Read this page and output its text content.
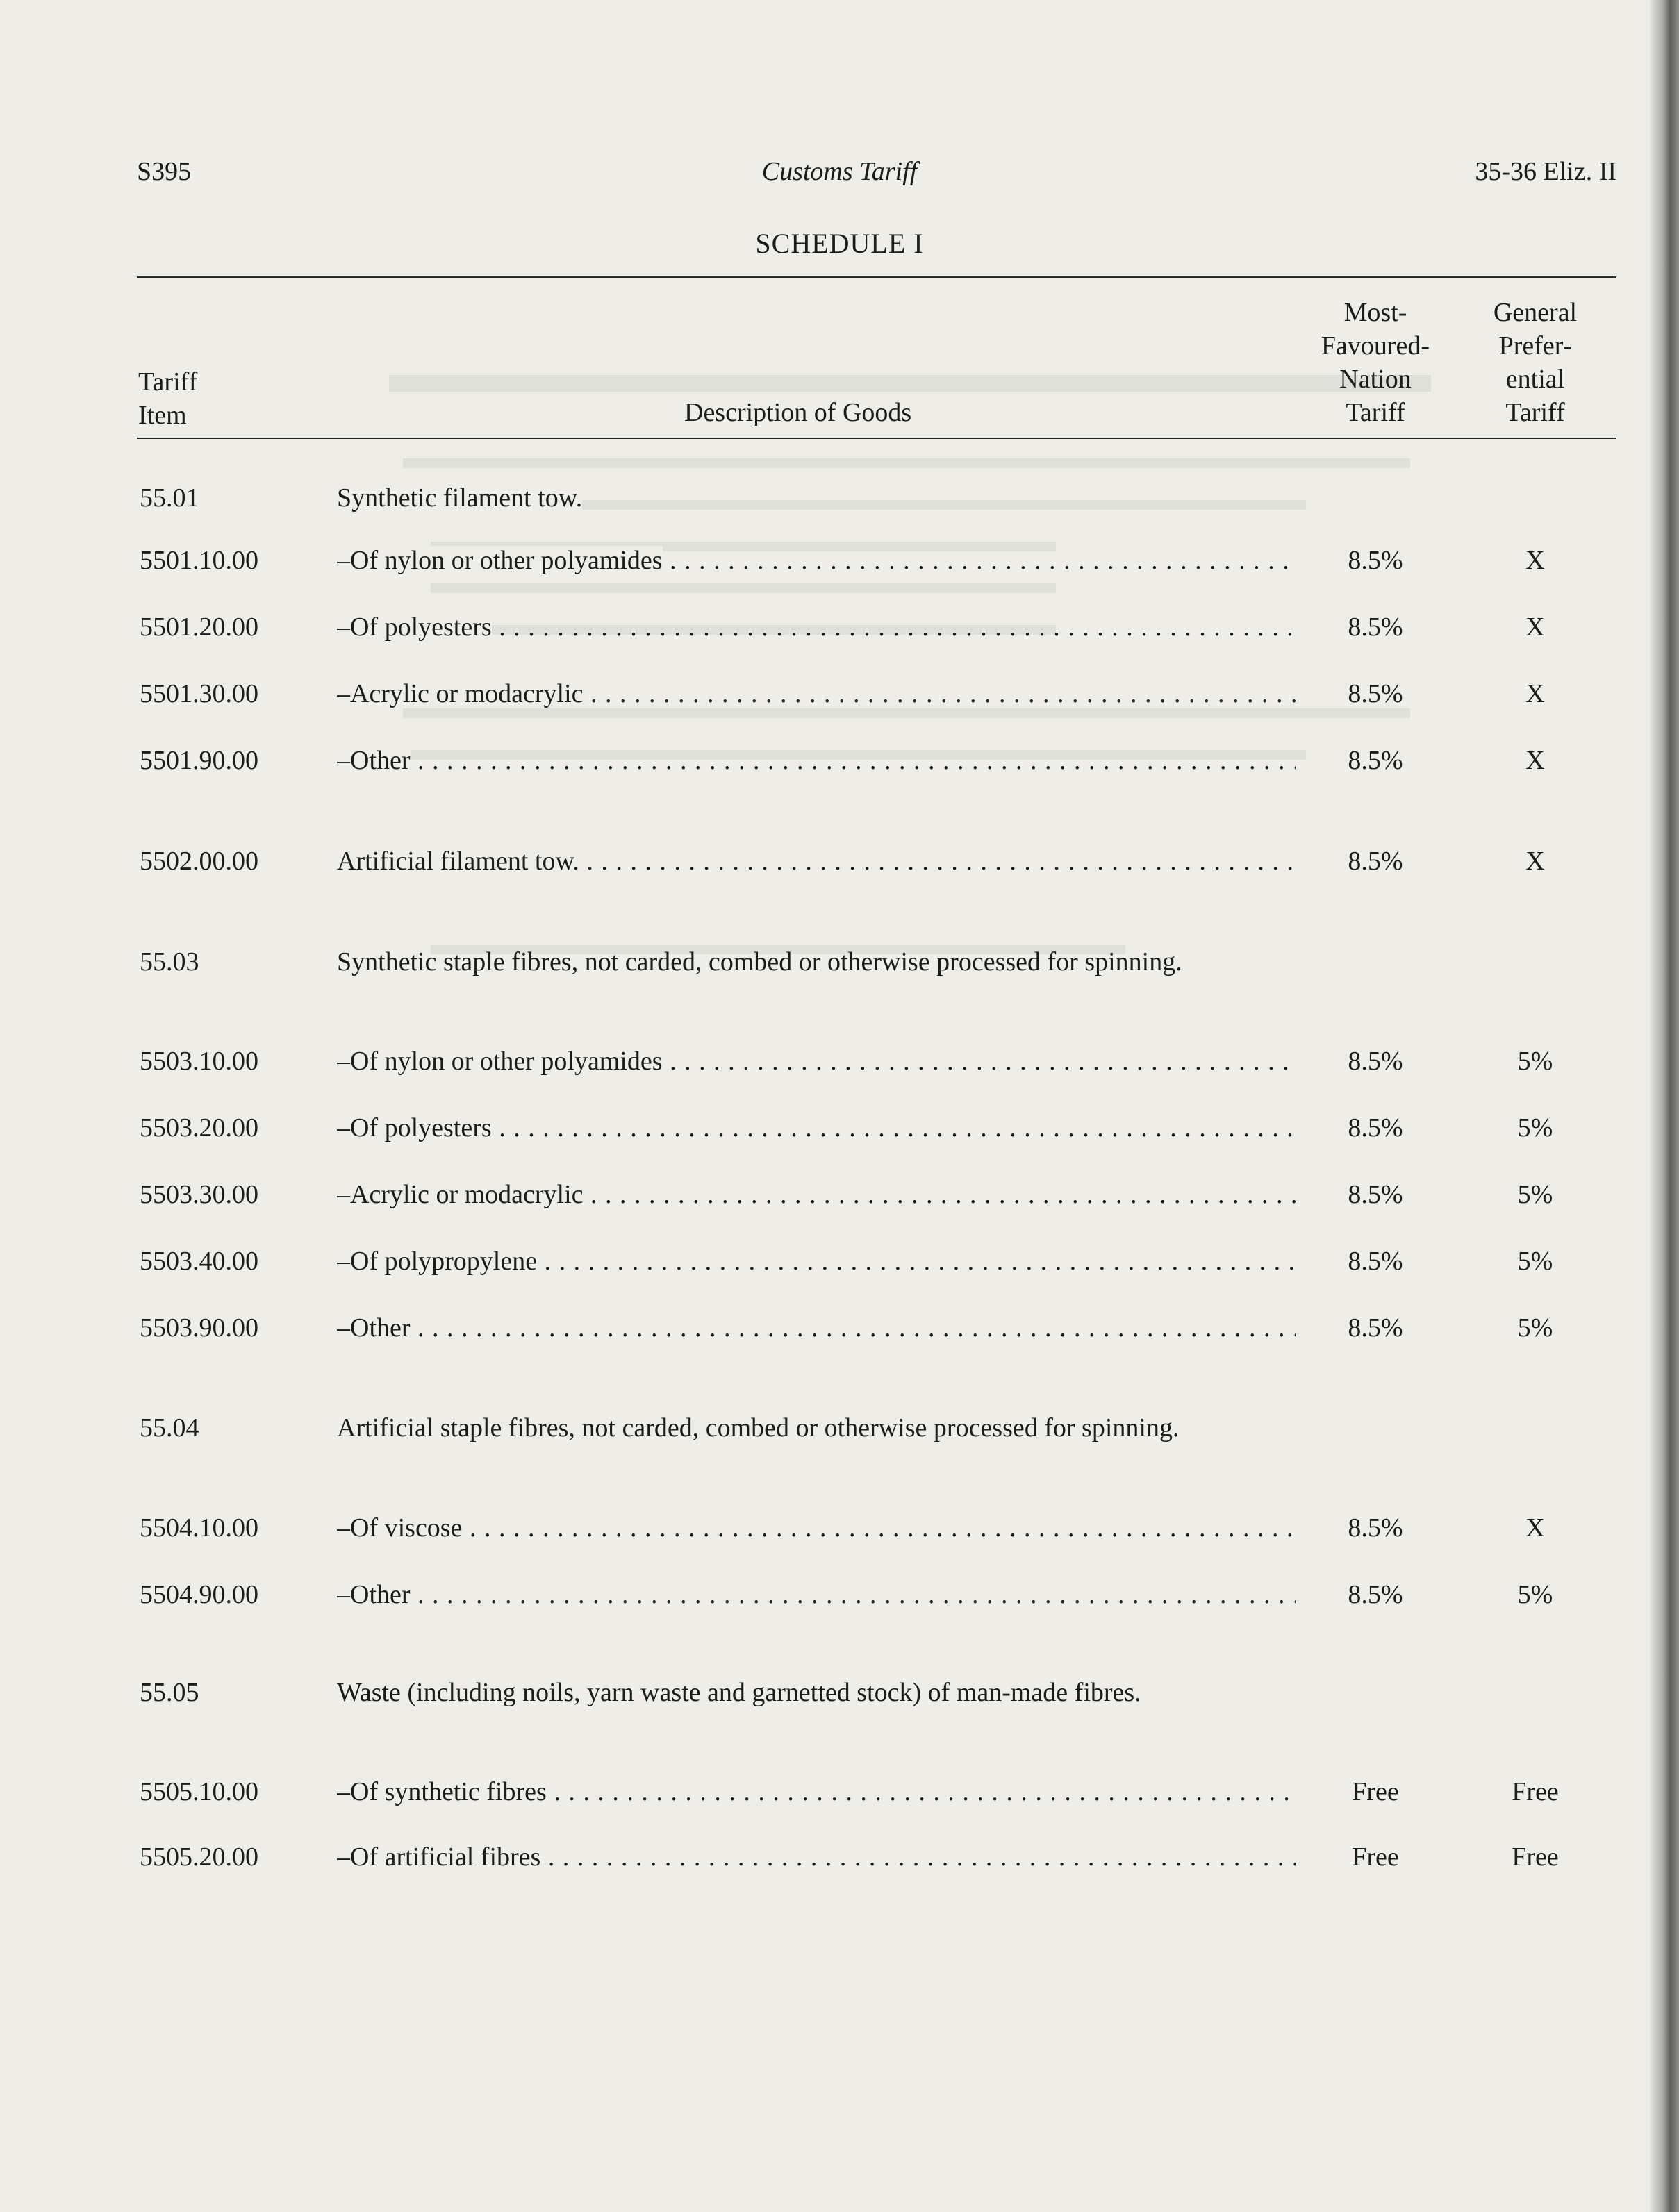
S395	Customs Tariff	35-36 Eliz. II
SCHEDULE I
Tariff
Item	Description of Goods
Most-
Favoured-
Nation
Tariff
General
Prefer-
ential
Tariff
55.01	Synthetic filament tow.
5501.10.00	–Of nylon or other polyamides . . .	8.5%	X
5501.20.00	–Of polyesters . . .	8.5%	X
5501.30.00	–Acrylic or modacrylic . . .	8.5%	X
5501.90.00	–Other . . .	8.5%	X
5502.00.00	Artificial filament tow. . . .	8.5%	X
55.03	Synthetic staple fibres, not carded, combed or otherwise processed for spinning.
5503.10.00	–Of nylon or other polyamides . . .	8.5%	5%
5503.20.00	–Of polyesters . . .	8.5%	5%
5503.30.00	–Acrylic or modacrylic . . .	8.5%	5%
5503.40.00	–Of polypropylene . . .	8.5%	5%
5503.90.00	–Other . . .	8.5%	5%
55.04	Artificial staple fibres, not carded, combed or otherwise processed for spinning.
5504.10.00	–Of viscose . . .	8.5%	X
5504.90.00	–Other . . .	8.5%	5%
55.05	Waste (including noils, yarn waste and garnetted stock) of man-made fibres.
5505.10.00	–Of synthetic fibres . . .	Free	Free
5505.20.00	–Of artificial fibres . . .	Free	Free
